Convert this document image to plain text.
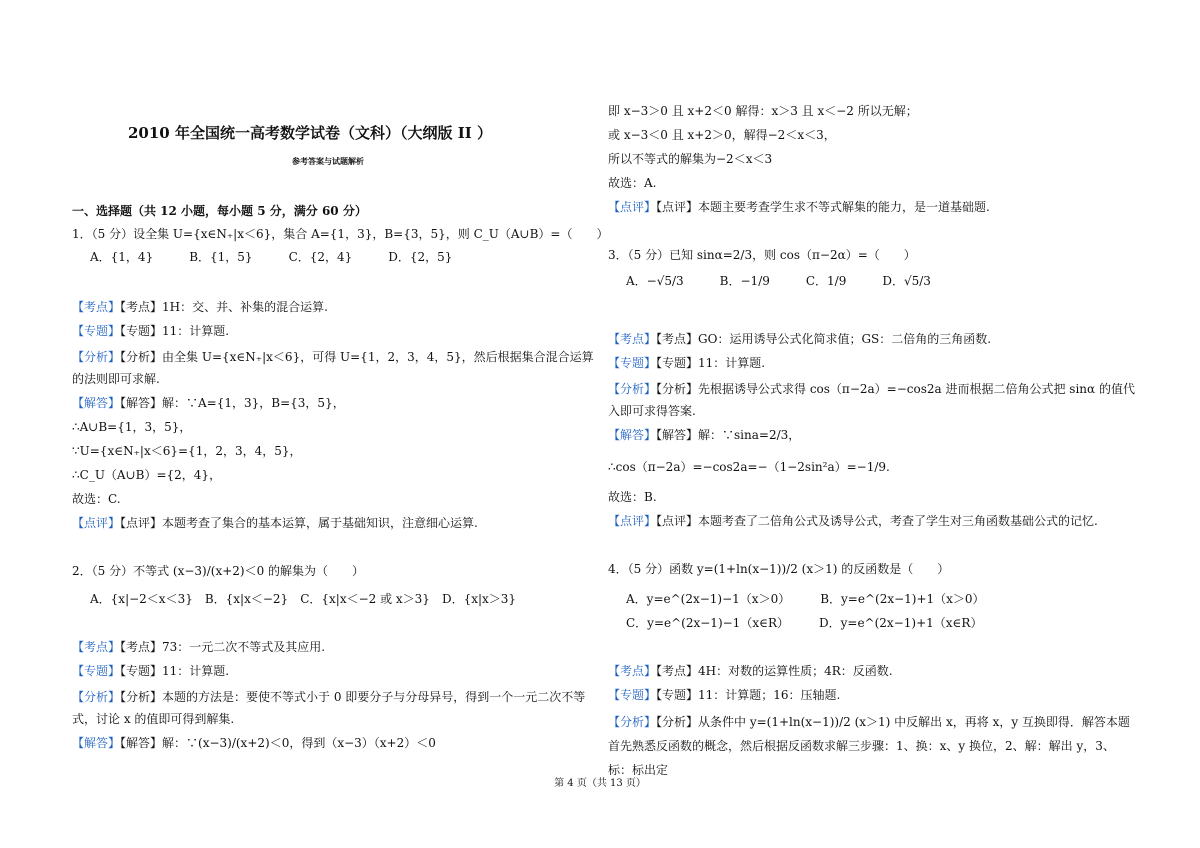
2010 年全国统一高考数学试卷（文科）（大纲版 II ）
参考答案与试题解析
一、选择题（共 12 小题，每小题 5 分，满分 60 分）
1．（5 分）设全集 U={x∈N₊|x＜6}，集合 A={1，3}，B={3，5}，则 C_U（A∪B）=（　　）
A．{1，4}　　　B．{1，5}　　　C．{2，4}　　　D．{2，5}
【考点】【考点】1H：交、并、补集的混合运算.
【专题】【专题】11：计算题.
【分析】【分析】由全集 U={x∈N₊|x＜6}，可得 U={1，2，3，4，5}，然后根据集合混合运算的法则即可求解.
【解答】【解答】解：∵A={1，3}，B={3，5}，
∴A∪B={1，3，5}，
∵U={x∈N₊|x＜6}={1，2，3，4，5}，
∴C_U（A∪B）={2，4}，
故选：C.
【点评】【点评】本题考查了集合的基本运算，属于基础知识，注意细心运算.
2．（5 分）不等式 (x−3)/(x+2)＜0 的解集为（　　）
A．{x|−2＜x＜3}　B．{x|x＜−2}　C．{x|x＜−2 或 x＞3}　D．{x|x＞3}
【考点】【考点】73：一元二次不等式及其应用.
【专题】【专题】11：计算题.
【分析】【分析】本题的方法是：要使不等式小于 0 即要分子与分母异号，得到一个一元二次不等式，讨论 x 的值即可得到解集.
【解答】【解答】解：∵(x−3)/(x+2)＜0，得到（x−3）（x+2）＜0
即 x−3＞0 且 x+2＜0 解得：x＞3 且 x＜−2 所以无解；
或 x−3＜0 且 x+2＞0，解得−2＜x＜3，
所以不等式的解集为−2＜x＜3
故选：A.
【点评】【点评】本题主要考查学生求不等式解集的能力，是一道基础题.
3．（5 分）已知 sinα=2/3，则 cos（π−2α）=（　　）
A．−√5/3　　　B．−1/9　　　C．1/9　　　D．√5/3
【考点】【考点】GO：运用诱导公式化简求值；GS：二倍角的三角函数.
【专题】【专题】11：计算题.
【分析】【分析】先根据诱导公式求得 cos（π−2a）=−cos2a 进而根据二倍角公式把 sinα 的值代入即可求得答案.
【解答】【解答】解：∵sina=2/3，
∴cos（π−2a）=−cos2a=−（1−2sin²a）=−1/9.
故选：B.
【点评】【点评】本题考查了二倍角公式及诱导公式，考查了学生对三角函数基础公式的记忆.
4．（5 分）函数 y=(1+ln(x−1))/2 (x＞1) 的反函数是（　　）
A．y=e^(2x−1)−1（x＞0）　　　B．y=e^(2x−1)+1（x＞0）
C．y=e^(2x−1)−1（x∈R）　　　D．y=e^(2x−1)+1（x∈R）
【考点】【考点】4H：对数的运算性质；4R：反函数.
【专题】【专题】11：计算题；16：压轴题.
【分析】【分析】从条件中 y=(1+ln(x−1))/2 (x＞1) 中反解出 x，再将 x，y 互换即得．解答本题首先熟悉反函数的概念，然后根据反函数求解三步骤：1、换：x、y 换位，2、解：解出 y，3、标：标出定
第 4 页（共 13 页）
